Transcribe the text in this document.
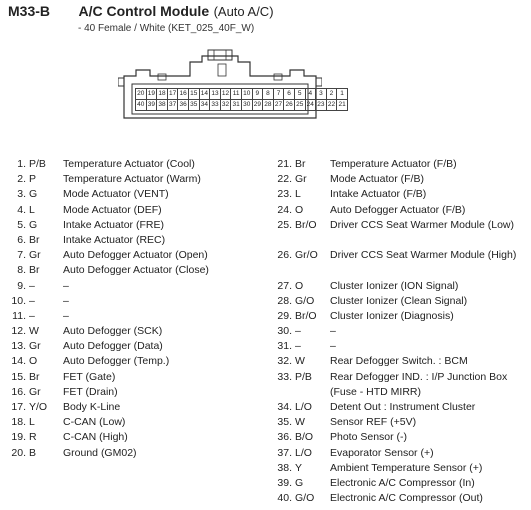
M33-B A/C Control Module (Auto A/C)
- 40 Female / White (KET_025_40F_W)
20	19	18	17	16	15	14	13	12	11	10	9	8	7	6	5	4	3	2	1
40	39	38	37	36	35	34	33	32	31	30	29	28	27	26	25	24	23	22	21
1. P/B	Temperature Actuator (Cool)
2. P	Temperature Actuator (Warm)
3. G	Mode Actuator (VENT)
4. L	Mode Actuator (DEF)
5. G	Intake Actuator (FRE)
6. Br	Intake Actuator (REC)
7. Gr	Auto Defogger Actuator (Open)
8. Br	Auto Defogger Actuator (Close)
9. –	–
10. –	–
11. –	–
12. W	Auto Defogger (SCK)
13. Gr	Auto Defogger (Data)
14. O	Auto Defogger (Temp.)
15. Br	FET (Gate)
16. Gr	FET (Drain)
17. Y/O	Body K-Line
18. L	C-CAN (Low)
19. R	C-CAN (High)
20. B	Ground (GM02)
21. Br	Temperature Actuator (F/B)
22. Gr	Mode Actuator (F/B)
23. L	Intake Actuator (F/B)
24. O	Auto Defogger Actuator (F/B)
25. Br/O	Driver CCS Seat Warmer Module (Low)
26. Gr/O	Driver CCS Seat Warmer Module (High)
27. O	Cluster Ionizer (ION Signal)
28. G/O	Cluster Ionizer (Clean Signal)
29. Br/O	Cluster Ionizer (Diagnosis)
30. –	–
31. –	–
32. W	Rear Defogger Switch. : BCM
33. P/B	Rear Defogger IND. : I/P Junction Box (Fuse - HTD MIRR)
34. L/O	Detent Out : Instrument Cluster
35. W	Sensor REF (+5V)
36. B/O	Photo Sensor (-)
37. L/O	Evaporator Sensor (+)
38. Y	Ambient Temperature Sensor (+)
39. G	Electronic A/C Compressor (In)
40. G/O	Electronic A/C Compressor (Out)
